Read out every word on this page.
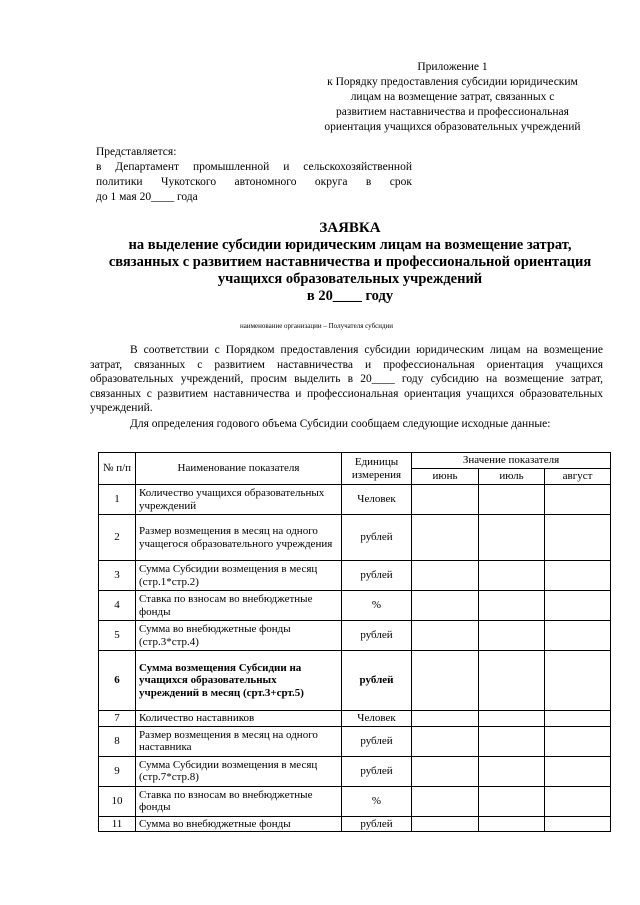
Приложение 1
к Порядку предоставления субсидии юридическим
лицам на возмещение затрат, связанных с
развитием наставничества и профессиональная
ориентация учащихся образовательных учреждений
Представляется:
в Департамент промышленной и сельскохозяйственной
политики Чукотского автономного округа в срок
до 1 мая 20____ года
ЗАЯВКА
на выделение субсидии юридическим лицам на возмещение затрат,
связанных с развитием наставничества и профессиональной ориентация
учащихся образовательных учреждений
в 20____ году
наименование организации – Получателя субсидии
В соответствии с Порядком предоставления субсидии юридическим лицам на возмещение затрат, связанных с развитием наставничества и профессиональная ориентация учащихся образовательных учреждений, просим выделить в 20____ году субсидию на возмещение затрат, связанных с развитием наставничества и профессиональная ориентация учащихся образовательных учреждений.
Для определения годового объема Субсидии сообщаем следующие исходные данные:
№ п/п	Наименование показателя	Единицы измерения	Значение показателя		
			июнь	июль	август
1	Количество учащихся образовательных учреждений	Человек			
2	Размер возмещения в месяц на одного учащегося образовательного учреждения	рублей			
3	Сумма Субсидии возмещения в месяц (стр.1*стр.2)	рублей			
4	Ставка по взносам во внебюджетные фонды	%			
5	Сумма во внебюджетные фонды (стр.3*стр.4)	рублей			
6	Сумма возмещения Субсидии на учащихся образовательных учреждений в месяц (срт.3+срт.5)	рублей			
7	Количество наставников	Человек			
8	Размер возмещения в месяц на одного наставника	рублей			
9	Сумма Субсидии возмещения в месяц (стр.7*стр.8)	рублей			
10	Ставка по взносам во внебюджетные фонды	%			
11	Сумма во внебюджетные фонды	рублей			
